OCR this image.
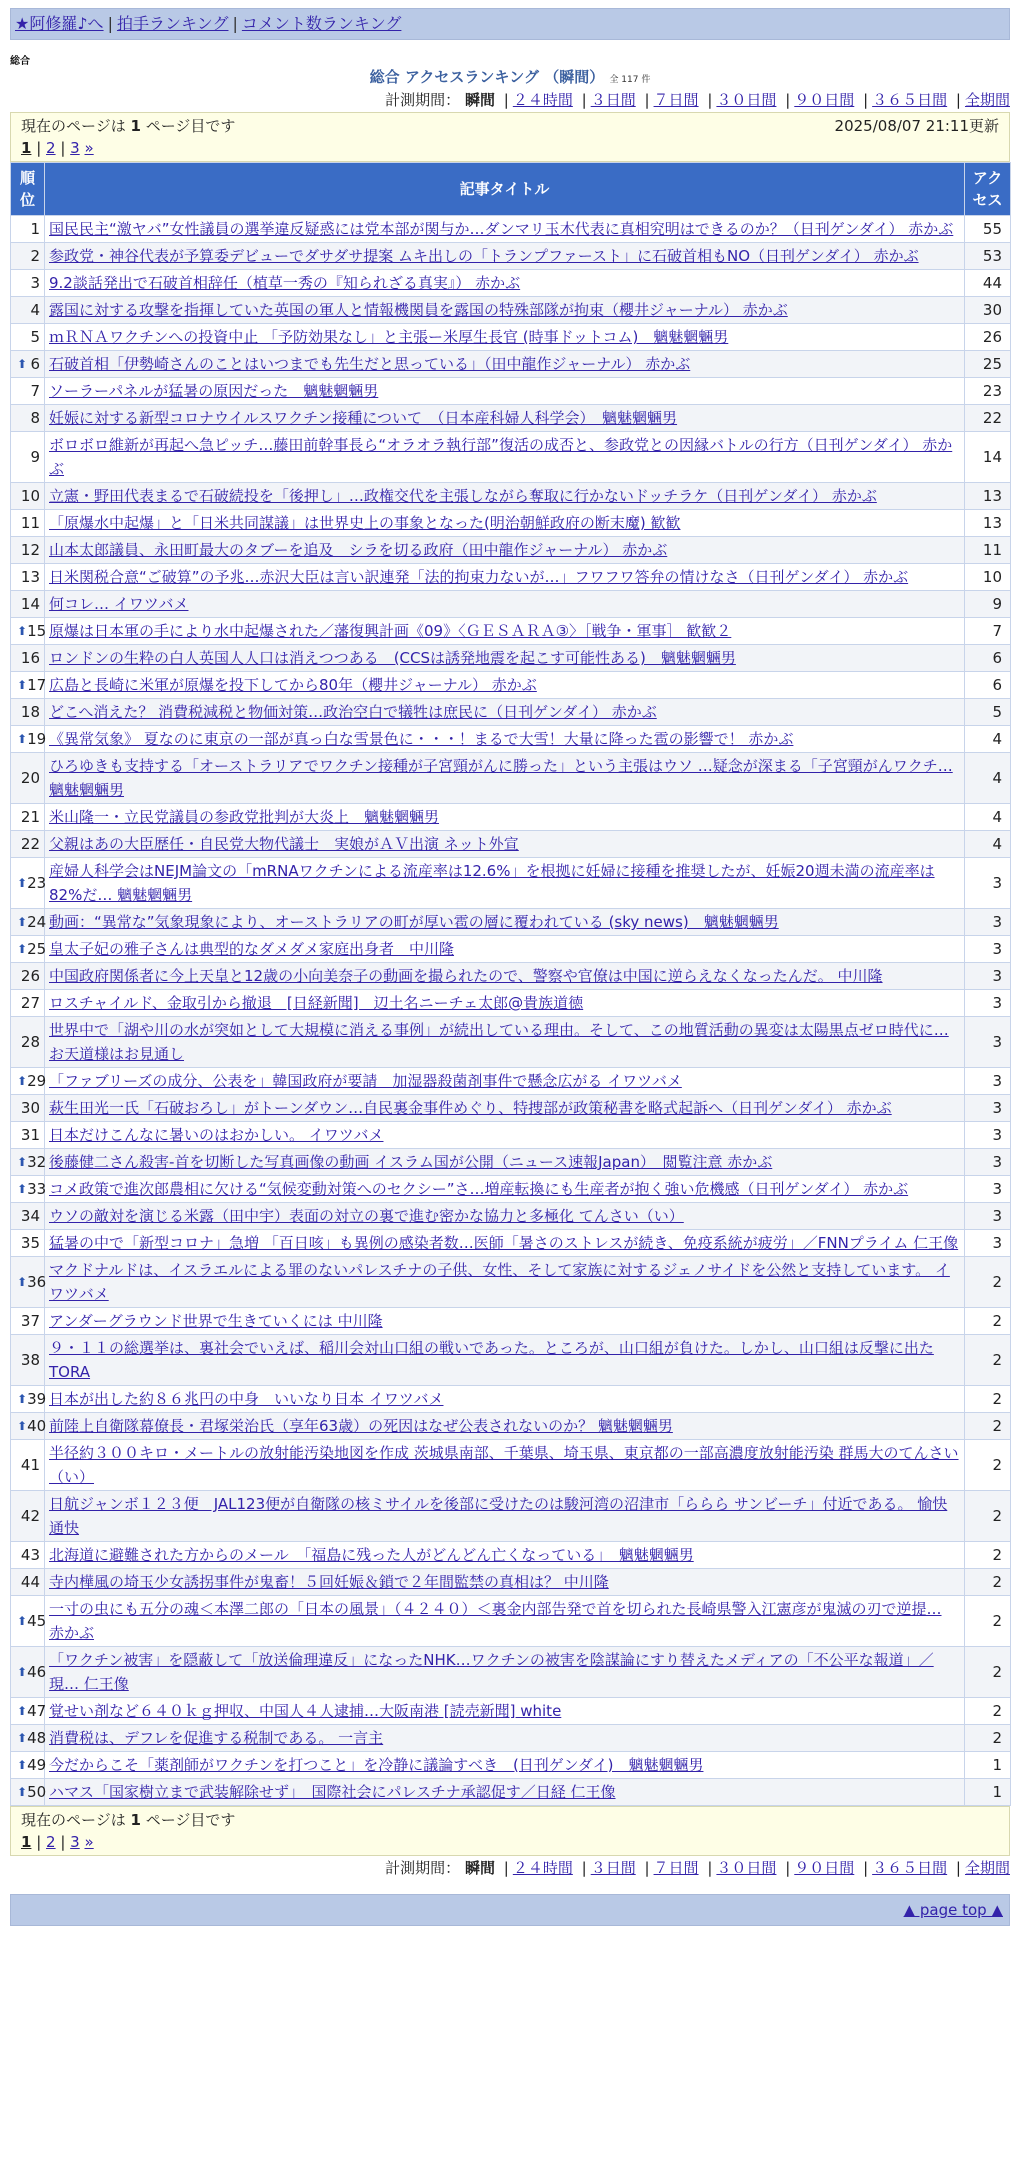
★阿修羅♪へ | 拍手ランキング | コメント数ランキング
総合
総合 アクセスランキング （瞬間） 全 117 件
計測期間： 瞬間 | ２４時間 | ３日間 | ７日間 | ３０日間 | ９０日間 | ３６５日間 | 全期間
現在のページは 1 ページ目です	2025/08/07 21:11更新
1 | 2 | 3 »
順位	記事タイトル	アクセス
1	国民民主“激ヤバ”女性議員の選挙違反疑惑には党本部が関与か…ダンマリ玉木代表に真相究明はできるのか？（日刊ゲンダイ） 赤かぶ	55
2	参政党・神谷代表が予算委デビューでダサダサ提案 ムキ出しの「トランプファースト」に石破首相もNO（日刊ゲンダイ） 赤かぶ	53
3	9.2談話発出で石破首相辞任（植草一秀の『知られざる真実』） 赤かぶ	44
4	露国に対する攻撃を指揮していた英国の軍人と情報機関員を露国の特殊部隊が拘束（櫻井ジャーナル） 赤かぶ	30
5	ｍＲＮＡワクチンへの投資中止 「予防効果なし」と主張ー米厚生長官 (時事ドットコム)　魑魅魍魎男	26

⬆ 6	石破首相「伊勢崎さんのことはいつまでも先生だと思っている」（田中龍作ジャーナル） 赤かぶ	25
7	ソーラーパネルが猛暑の原因だった　魑魅魍魎男	23
8	妊娠に対する新型コロナウイルスワクチン接種について　（日本産科婦人科学会）　魑魅魍魎男	22
9	ボロボロ維新が再起へ急ピッチ…藤田前幹事長ら“オラオラ執行部”復活の成否と、参政党との因縁バトルの行方（日刊ゲンダイ） 赤かぶ	14
10	立憲・野田代表まるで石破続投を「後押し」…政権交代を主張しながら奪取に行かないドッチラケ（日刊ゲンダイ） 赤かぶ	13
11	「原爆水中起爆」と「日米共同謀議」は世界史上の事象となった(明治朝鮮政府の断末魔) 歓歓	13
12	山本太郎議員、永田町最大のタブーを追及　シラを切る政府（田中龍作ジャーナル） 赤かぶ	11
13	日米関税合意“ご破算”の予兆…赤沢大臣は言い訳連発「法的拘束力ないが…」フワフワ答弁の情けなさ（日刊ゲンダイ） 赤かぶ	10
14	何コレ… イワツバメ	9

⬆ 15	原爆は日本軍の手により水中起爆された／藩復興計画《09》〈ＧＥＳＡＲＡ③〉［戦争・軍事］ 歓歓２	7
16	ロンドンの生粋の白人英国人人口は消えつつある　(CCSは誘発地震を起こす可能性ある)　魑魅魍魎男	6

⬆ 17	広島と長崎に米軍が原爆を投下してから80年（櫻井ジャーナル） 赤かぶ	6
18	どこへ消えた？ 消費税減税と物価対策…政治空白で犠牲は庶民に（日刊ゲンダイ） 赤かぶ	5

⬆ 19	《異常気象》 夏なのに東京の一部が真っ白な雪景色に・・・！まるで大雪！大量に降った雹の影響で！ 赤かぶ	4
20	ひろゆきも支持する「オーストラリアでワクチン接種が子宮頸がんに勝った」という主張はウソ …疑念が深まる「子宮頸がんワクチ… 魑魅魍魎男	4
21	米山隆一・立民党議員の参政党批判が大炎上　魑魅魍魎男	4
22	父親はあの大臣歴任・自民党大物代議士　実娘がＡＶ出演 ネット外宣	4

⬆ 23	産婦人科学会はNEJM論文の「mRNAワクチンによる流産率は12.6%」を根拠に妊婦に接種を推奨したが、妊娠20週未満の流産率は82%だ… 魑魅魍魎男	3

⬆ 24	動画：“異常な”気象現象により、オーストラリアの町が厚い雹の層に覆われている (sky news)　魑魅魍魎男	3

⬆ 25	皇太子妃の雅子さんは典型的なダメダメ家庭出身者　中川隆	3
26	中国政府関係者に今上天皇と12歳の小向美奈子の動画を撮られたので、警察や官僚は中国に逆らえなくなったんだ。 中川隆	3
27	ロスチャイルド、金取引から撤退　[日経新聞]　辺土名ニーチェ太郎@貴族道徳	3
28	世界中で「湖や川の水が突如として大規模に消える事例」が続出している理由。そして、この地質活動の異変は太陽黒点ゼロ時代に… お天道様はお見通し	3

⬆ 29	「ファブリーズの成分、公表を」韓国政府が要請　加湿器殺菌剤事件で懸念広がる イワツバメ	3
30	萩生田光一氏「石破おろし」がトーンダウン…自民裏金事件めぐり、特捜部が政策秘書を略式起訴へ（日刊ゲンダイ） 赤かぶ	3
31	日本だけこんなに暑いのはおかしい。 イワツバメ	3

⬆ 32	後藤健二さん殺害-首を切断した写真画像の動画 イスラム国が公開（ニュース速報Japan）　閲覧注意 赤かぶ	3

⬆ 33	コメ政策で進次郎農相に欠ける“気候変動対策へのセクシー”さ…増産転換にも生産者が抱く強い危機感（日刊ゲンダイ） 赤かぶ	3
34	ウソの敵対を演じる米露（田中宇）表面の対立の裏で進む密かな協力と多極化 てんさい（い）	3
35	猛暑の中で「新型コロナ」急増 「百日咳」も異例の感染者数…医師「暑さのストレスが続き、免疫系統が疲労」／FNNプライム 仁王像	3

⬆ 36	マクドナルドは、イスラエルによる罪のないパレスチナの子供、女性、そして家族に対するジェノサイドを公然と支持しています。 イワツバメ	2
37	アンダーグラウンド世界で生きていくには 中川隆	2
38	９・１１の総選挙は、裏社会でいえば、稲川会対山口組の戦いであった。ところが、山口組が負けた。しかし、山口組は反撃に出た TORA	2

⬆ 39	日本が出した約８６兆円の中身　いいなり日本 イワツバメ	2

⬆ 40	前陸上自衛隊幕僚長・君塚栄治氏（享年63歳）の死因はなぜ公表されないのか？ 魑魅魍魎男	2
41	半径約３００キロ・メートルの放射能汚染地図を作成 茨城県南部、千葉県、埼玉県、東京都の一部高濃度放射能汚染 群馬大のてんさい（い）	2
42	日航ジャンボ１２３便　JAL123便が自衛隊の核ミサイルを後部に受けたのは駿河湾の沼津市「ららら サンビーチ」付近である。 愉快通快	2
43	北海道に避難された方からのメール　「福島に残った人がどんどん亡くなっている」　魑魅魍魎男	2
44	寺内樺風の埼玉少女誘拐事件が鬼畜！５回妊娠＆鎖で２年間監禁の真相は？ 中川隆	2

⬆ 45	一寸の虫にも五分の魂＜本澤二郎の「日本の風景」（４２４０）＜裏金内部告発で首を切られた長崎県警入江憲彦が鬼滅の刃で逆提… 赤かぶ	2

⬆ 46	「ワクチン被害」を隠蔽して「放送倫理違反」になったNHK…ワクチンの被害を陰謀論にすり替えたメディアの「不公平な報道」／現… 仁王像	2

⬆ 47	覚せい剤など６４０ｋｇ押収、中国人４人逮捕…大阪南港 [読売新聞] white	2

⬆ 48	消費税は、デフレを促進する税制である。 一言主	2

⬆ 49	今だからこそ「薬剤師がワクチンを打つこと」を冷静に議論すべき　(日刊ゲンダイ)　魑魅魍魎男	1

⬆ 50	ハマス「国家樹立まで武装解除せず」　国際社会にパレスチナ承認促す／日経 仁王像	1
現在のページは 1 ページ目です
1 | 2 | 3 »
計測期間： 瞬間 | ２４時間 | ３日間 | ７日間 | ３０日間 | ９０日間 | ３６５日間 | 全期間
▲ page top ▲
